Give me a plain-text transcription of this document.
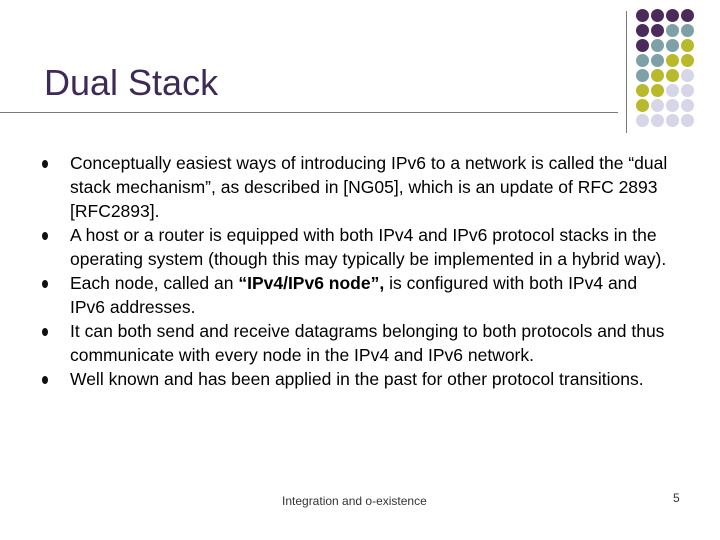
Dual Stack
Conceptually easiest ways of introducing IPv6 to a network is called the “dual stack mechanism”, as described in [NG05], which is an update of RFC 2893 [RFC2893].
A host or a router is equipped with both IPv4 and IPv6 protocol stacks in the operating system (though this may typically be implemented in a hybrid way).
Each node, called an “IPv4/IPv6 node”, is configured with both IPv4 and IPv6 addresses.
It can both send and receive datagrams belonging to both protocols and thus communicate with every node in the IPv4 and IPv6 network.
Well known and has been applied in the past for other protocol transitions.
Integration and o-existence	5
